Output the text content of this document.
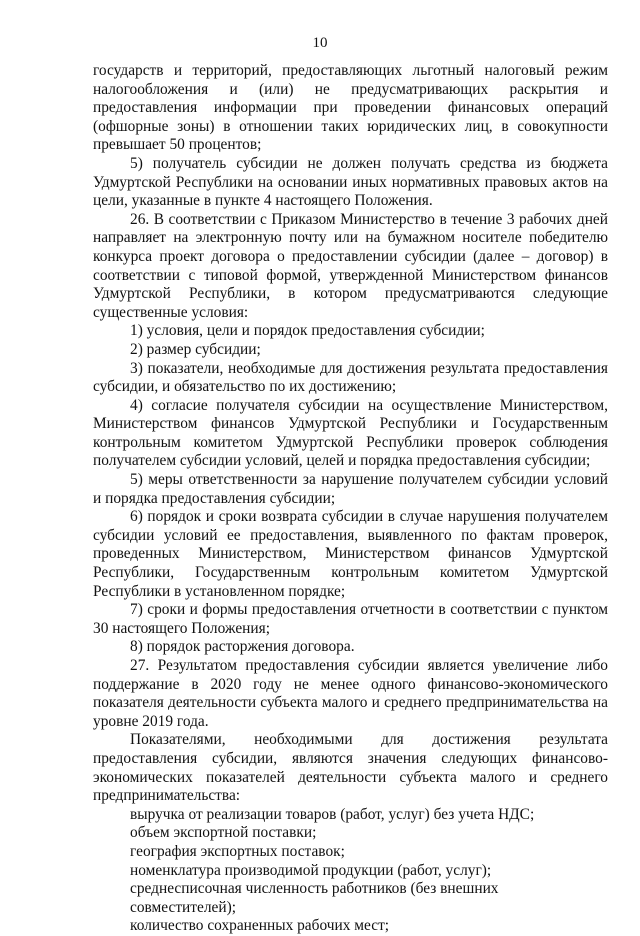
10

государств и территорий, предоставляющих льготный налоговый режим налогообложения и (или) не предусматривающих раскрытия и предоставления информации при проведении финансовых операций (офшорные зоны) в отношении таких юридических лиц, в совокупности превышает 50 процентов;

5) получатель субсидии не должен получать средства из бюджета Удмуртской Республики на основании иных нормативных правовых актов на цели, указанные в пункте 4 настоящего Положения.

26. В соответствии с Приказом Министерство в течение 3 рабочих дней направляет на электронную почту или на бумажном носителе победителю конкурса проект договора о предоставлении субсидии (далее – договор) в соответствии с типовой формой, утвержденной Министерством финансов Удмуртской Республики, в котором предусматриваются следующие существенные условия:

1) условия, цели и порядок предоставления субсидии;

2) размер субсидии;

3) показатели, необходимые для достижения результата предоставления субсидии, и обязательство по их достижению;

4) согласие получателя субсидии на осуществление Министерством, Министерством финансов Удмуртской Республики и Государственным контрольным комитетом Удмуртской Республики проверок соблюдения получателем субсидии условий, целей и порядка предоставления субсидии;

5) меры ответственности за нарушение получателем субсидии условий и порядка предоставления субсидии;

6) порядок и сроки возврата субсидии в случае нарушения получателем субсидии условий ее предоставления, выявленного по фактам проверок, проведенных Министерством, Министерством финансов Удмуртской Республики, Государственным контрольным комитетом Удмуртской Республики в установленном порядке;

7) сроки и формы предоставления отчетности в соответствии с пунктом 30 настоящего Положения;

8) порядок расторжения договора.

27. Результатом предоставления субсидии является увеличение либо поддержание в 2020 году не менее одного финансово-экономического показателя деятельности субъекта малого и среднего предпринимательства на уровне 2019 года.

Показателями, необходимыми для достижения результата предоставления субсидии, являются значения следующих финансово-экономических показателей деятельности субъекта малого и среднего предпринимательства:

выручка от реализации товаров (работ, услуг) без учета НДС;

объем экспортной поставки;

география экспортных поставок;

номенклатура производимой продукции (работ, услуг);

среднесписочная численность работников (без внешних совместителей);

количество сохраненных рабочих мест;
